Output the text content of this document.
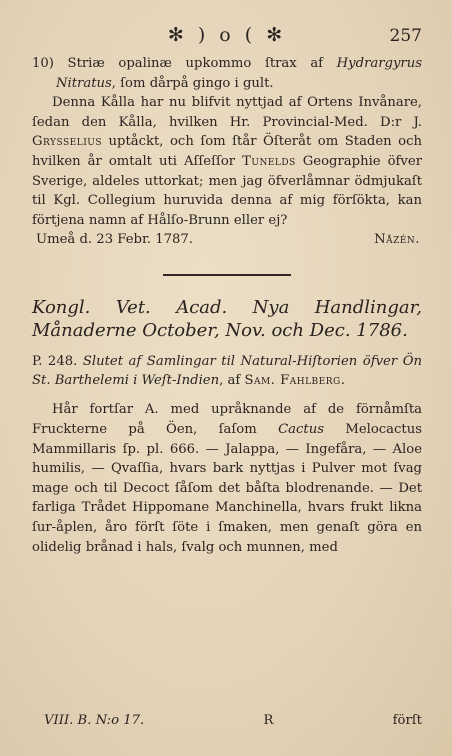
✻ ) o ( ✻	257

10) Striæ opalinæ upkommo ſtrax af Hydrargyrus Nitratus, ſom dårpå gingo i gult.

Denna Kålla har nu blifvit nyttjad af Ortens Invånare, ſedan den Kålla, hvilken Hr. Provincial-Med. D:r J. Grysselius uptåckt, och ſom ſtår Öſteråt om Staden och hvilken år omtalt uti Aſſeſſor Tunelds Geographie öfver Sverige, aldeles uttorkat; men jag öfverlåmnar ödmjukaſt til Kgl. Collegium huruvida denna af mig förſökta, kan förtjena namn af Hålſo-Brunn eller ej?

Umeå d. 23 Febr. 1787.	Nåzén.
Kongl. Vet. Acad. Nya Handlingar, Månaderne October, Nov. och Dec. 1786.
P. 248. Slutet af Samlingar til Natural-Hiſtorien öfver Ön St. Barthelemi i Weſt-Indien, af Sam. Fahlberg.

Hår fortſar A. med upråknande af de förnåmſta Fruckterne på Öen, ſaſom Cactus Melocactus Mammillaris ſp. pl. 666. — Jalappa, — Ingefåra, — Aloe humilis, — Qvaſſia, hvars bark nyttjas i Pulver mot ſvag mage och til Decoct ſåſom det båſta blodrenande. — Det farliga Trådet Hippomane Manchinella, hvars frukt likna ſur-åplen, åro förſt ſöte i ſmaken, men genaſt göra en olidelig brånad i hals, ſvalg och munnen, med

VIII. B. N:o 17.	R	förſt
